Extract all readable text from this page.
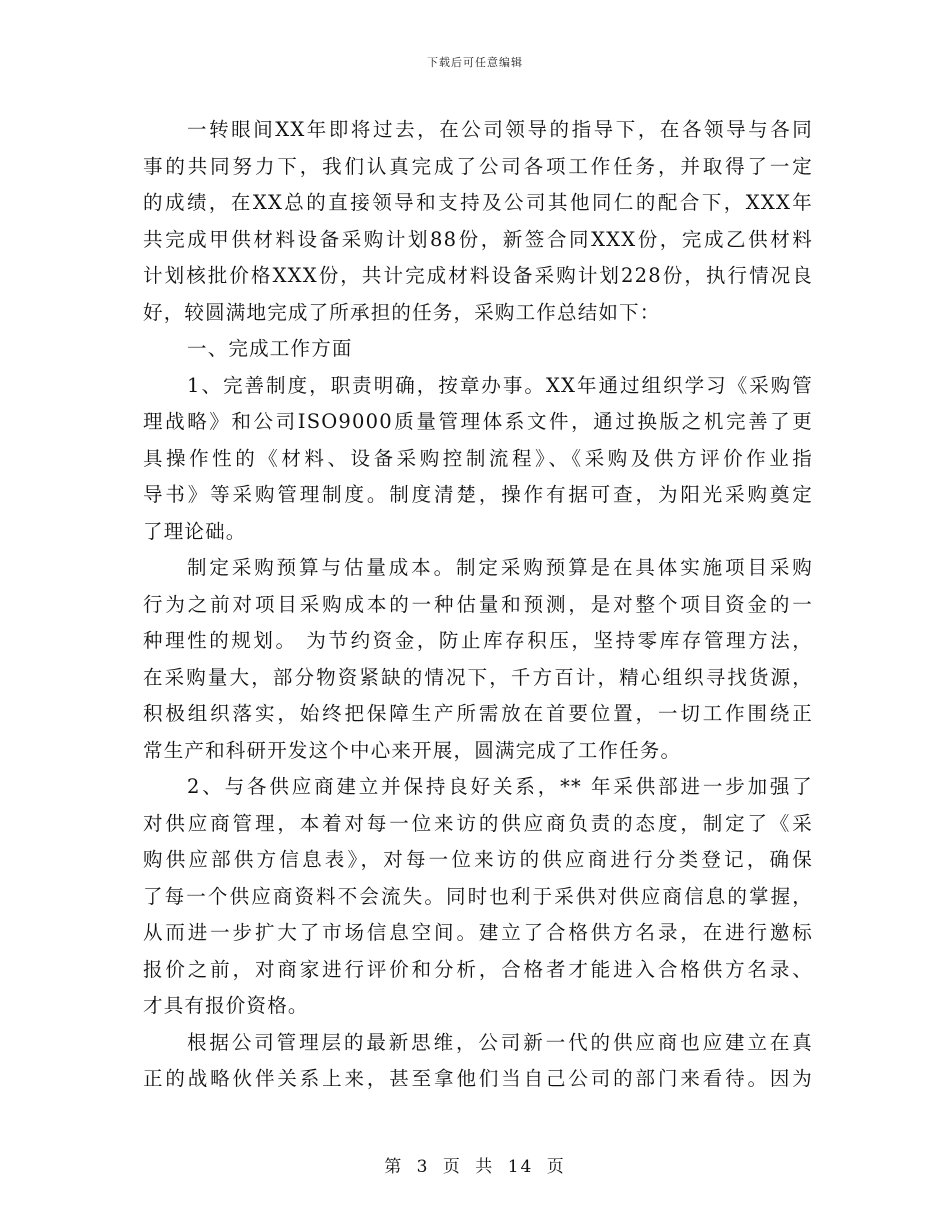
下载后可任意编辑
一转眼间XX年即将过去，在公司领导的指导下，在各领导与各同
事的共同努力下，我们认真完成了公司各项工作任务，并取得了一定
的成绩，在XX总的直接领导和支持及公司其他同仁的配合下，XXX年
共完成甲供材料设备采购计划88份，新签合同XXX份，完成乙供材料
计划核批价格XXX份，共计完成材料设备采购计划228份，执行情况良
好，较圆满地完成了所承担的任务，采购工作总结如下：
一、完成工作方面
1、完善制度，职责明确，按章办事。XX年通过组织学习《采购管
理战略》和公司ISO9000质量管理体系文件，通过换版之机完善了更
具操作性的《材料、设备采购控制流程》、《采购及供方评价作业指
导书》等采购管理制度。制度清楚，操作有据可查，为阳光采购奠定
了理论础。
制定采购预算与估量成本。制定采购预算是在具体实施项目采购
行为之前对项目采购成本的一种估量和预测，是对整个项目资金的一
种理性的规划。 为节约资金，防止库存积压，坚持零库存管理方法，
在采购量大，部分物资紧缺的情况下，千方百计，精心组织寻找货源，
积极组织落实，始终把保障生产所需放在首要位置，一切工作围绕正
常生产和科研开发这个中心来开展，圆满完成了工作任务。
2、与各供应商建立并保持良好关系，** 年采供部进一步加强了
对供应商管理，本着对每一位来访的供应商负责的态度，制定了《采
购供应部供方信息表》，对每一位来访的供应商进行分类登记，确保
了每一个供应商资料不会流失。同时也利于采供对供应商信息的掌握，
从而进一步扩大了市场信息空间。建立了合格供方名录，在进行邀标
报价之前，对商家进行评价和分析，合格者才能进入合格供方名录、
才具有报价资格。
根据公司管理层的最新思维，公司新一代的供应商也应建立在真
正的战略伙伴关系上来，甚至拿他们当自己公司的部门来看待。因为
第 3 页 共 14 页
